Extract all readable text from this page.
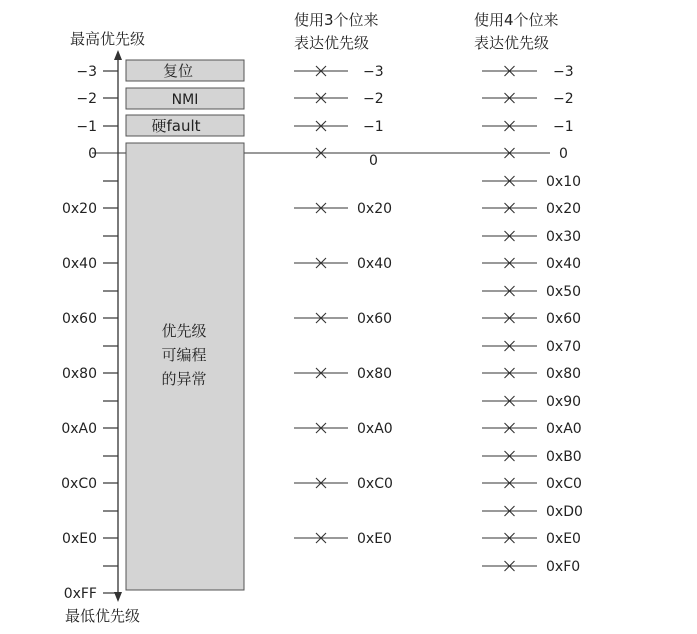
最高优先级
最低优先级
使用3个位来
表达优先级
使用4个位来
表达优先级
复位
NMI
硬fault
优先级
可编程
的异常
−3
−2
−1
0
0x20
0x40
0x60
0x80
0xA0
0xC0
0xE0
0xFF
−3
−2
−1
0
0x20
0x40
0x60
0x80
0xA0
0xC0
0xE0
−3
−2
−1
0
0x10
0x20
0x30
0x40
0x50
0x60
0x70
0x80
0x90
0xA0
0xB0
0xC0
0xD0
0xE0
0xF0
